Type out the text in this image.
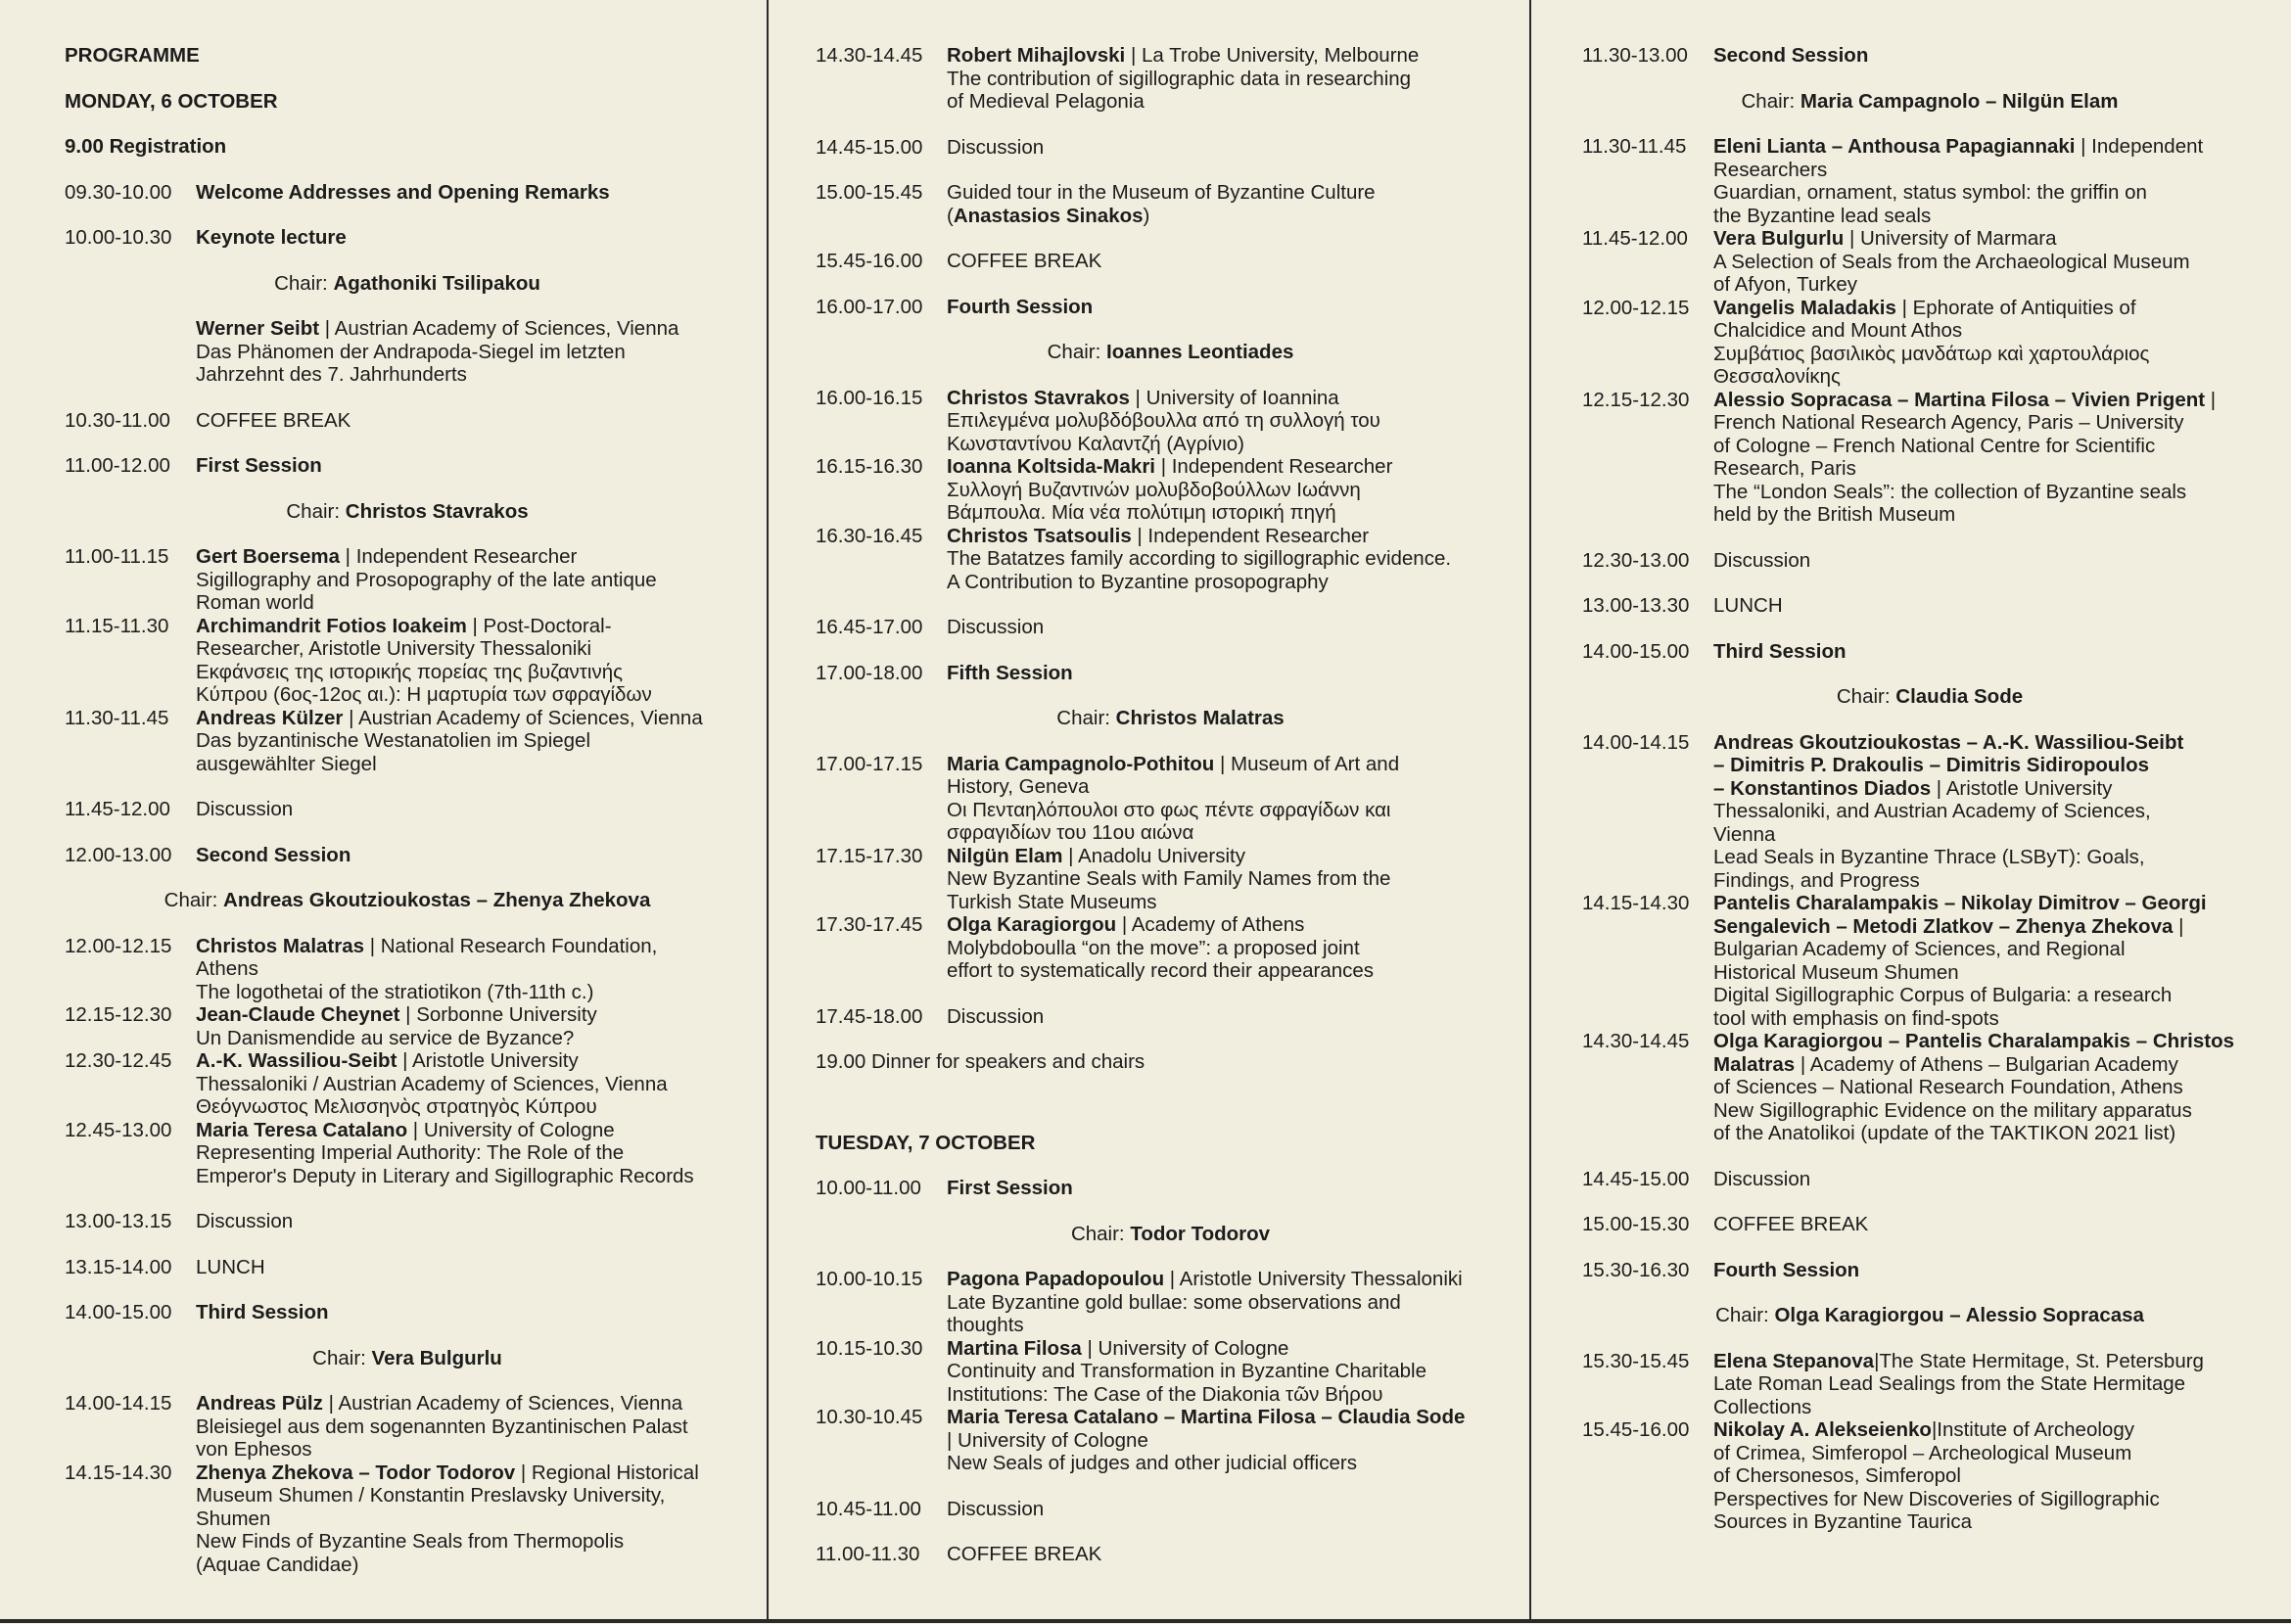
PROGRAMME
MONDAY, 6 OCTOBER
9.00 Registration
09.30-10.00 Welcome Addresses and Opening Remarks
10.00-10.30 Keynote lecture
Chair: Agathoniki Tsilipakou
Werner Seibt | Austrian Academy of Sciences, Vienna
Das Phänomen der Andrapoda-Siegel im letzten
Jahrzehnt des 7. Jahrhunderts
10.30-11.00 COFFEE BREAK
11.00-12.00 First Session
Chair: Christos Stavrakos
11.00-11.15	Gert Boersema | Independent Researcher
Sigillography and Prosopography of the late antique
Roman world
11.15-11.30	Archimandrit Fotios Ioakeim | Post-Doctoral-
Researcher, Aristotle University Thessaloniki
Εκφάνσεις της ιστορικής πορείας της βυζαντινής
Κύπρου (6ος-12ος αι.): Η μαρτυρία των σφραγίδων
11.30-11.45	Andreas Külzer | Austrian Academy of Sciences, Vienna
Das byzantinische Westanatolien im Spiegel
ausgewählter Siegel
11.45-12.00 Discussion
12.00-13.00 Second Session
Chair: Andreas Gkoutzioukostas – Zhenya Zhekova
12.00-12.15	Christos Malatras | National Research Foundation,
Athens
The logothetai of the stratiotikon (7th-11th c.)
12.15-12.30	Jean-Claude Cheynet | Sorbonne University
Un Danismendide au service de Byzance?
12.30-12.45	A.-K. Wassiliou-Seibt | Aristotle University
Thessaloniki / Austrian Academy of Sciences, Vienna
Θεόγνωστος Μελισσηνὸς στρατηγὸς Κύπρου
12.45-13.00	Maria Teresa Catalano | University of Cologne
Representing Imperial Authority: The Role of the
Emperor's Deputy in Literary and Sigillographic Records
13.00-13.15 Discussion
13.15-14.00 LUNCH
14.00-15.00 Third Session
Chair: Vera Bulgurlu
14.00-14.15	Andreas Pülz | Austrian Academy of Sciences, Vienna
Bleisiegel aus dem sogenannten Byzantinischen Palast
von Ephesos
14.15-14.30	Zhenya Zhekova – Todor Todorov | Regional Historical
Museum Shumen / Konstantin Preslavsky University,
Shumen
New Finds of Byzantine Seals from Thermopolis
(Aquae Candidae)
14.30-14.45	Robert Mihajlovski | La Trobe University, Melbourne
The contribution of sigillographic data in researching
of Medieval Pelagonia
14.45-15.00 Discussion
15.00-15.45	Guided tour in the Museum of Byzantine Culture
(Anastasios Sinakos)
15.45-16.00 COFFEE BREAK
16.00-17.00 Fourth Session
Chair: Ioannes Leontiades
16.00-16.15	Christos Stavrakos | University of Ioannina
Επιλεγμένα μολυβδόβουλλα από τη συλλογή του
Κωνσταντίνου Καλαντζή (Αγρίνιο)
16.15-16.30	Ioanna Koltsida-Makri | Independent Researcher
Συλλογή Βυζαντινών μολυβδοβούλλων Ιωάννη
Βάμπουλα. Μία νέα πολύτιμη ιστορική πηγή
16.30-16.45	Christos Tsatsoulis | Independent Researcher
The Batatzes family according to sigillographic evidence.
A Contribution to Byzantine prosopography
16.45-17.00 Discussion
17.00-18.00 Fifth Session
Chair: Christos Malatras
17.00-17.15	Maria Campagnolo-Pothitou | Museum of Art and
History, Geneva
Οι Πενταηλόπουλοι στο φως πέντε σφραγίδων και
σφραγιδίων του 11ου αιώνα
17.15-17.30	Nilgün Elam | Anadolu University
New Byzantine Seals with Family Names from the
Turkish State Museums
17.30-17.45	Olga Karagiorgou | Academy of Athens
Molybdoboulla “on the move”: a proposed joint
effort to systematically record their appearances
17.45-18.00 Discussion
19.00 Dinner for speakers and chairs
TUESDAY, 7 OCTOBER
10.00-11.00 First Session
Chair: Todor Todorov
10.00-10.15	Pagona Papadopoulou | Aristotle University Thessaloniki
Late Byzantine gold bullae: some observations and
thoughts
10.15-10.30	Martina Filosa | University of Cologne
Continuity and Transformation in Byzantine Charitable
Institutions: The Case of the Diakonia τῶν Βήρου
10.30-10.45	Maria Teresa Catalano – Martina Filosa – Claudia Sode
| University of Cologne
New Seals of judges and other judicial officers
10.45-11.00 Discussion
11.00-11.30 COFFEE BREAK
11.30-13.00 Second Session
Chair: Maria Campagnolo – Nilgün Elam
11.30-11.45	Eleni Lianta – Anthousa Papagiannaki | Independent
Researchers
Guardian, ornament, status symbol: the griffin on
the Byzantine lead seals
11.45-12.00	Vera Bulgurlu | University of Marmara
A Selection of Seals from the Archaeological Museum
of Afyon, Turkey
12.00-12.15	Vangelis Maladakis | Ephorate of Antiquities of
Chalcidice and Mount Athos
Συμβάτιος βασιλικὸς μανδάτωρ καὶ χαρτουλάριος
Θεσσαλονίκης
12.15-12.30	Alessio Sopracasa – Martina Filosa – Vivien Prigent |
French National Research Agency, Paris – University
of Cologne – French National Centre for Scientific
Research, Paris
The “London Seals”: the collection of Byzantine seals
held by the British Museum
12.30-13.00 Discussion
13.00-13.30 LUNCH
14.00-15.00 Third Session
Chair: Claudia Sode
14.00-14.15	Andreas Gkoutzioukostas – A.-K. Wassiliou-Seibt
– Dimitris P. Drakoulis – Dimitris Sidiropoulos
– Konstantinos Diados | Aristotle University
Thessaloniki, and Austrian Academy of Sciences,
Vienna
Lead Seals in Byzantine Thrace (LSByT): Goals,
Findings, and Progress
14.15-14.30	Pantelis Charalampakis – Nikolay Dimitrov – Georgi
Sengalevich – Metodi Zlatkov – Zhenya Zhekova |
Bulgarian Academy of Sciences, and Regional
Historical Museum Shumen
Digital Sigillographic Corpus of Bulgaria: a research
tool with emphasis on find-spots
14.30-14.45	Olga Karagiorgou – Pantelis Charalampakis – Christos
Malatras | Academy of Athens – Bulgarian Academy
of Sciences – National Research Foundation, Athens
New Sigillographic Evidence on the military apparatus
of the Anatolikoi (update of the TAKTIKON 2021 list)
14.45-15.00 Discussion
15.00-15.30 COFFEE BREAK
15.30-16.30 Fourth Session
Chair: Olga Karagiorgou – Alessio Sopracasa
15.30-15.45	Elena Stepanova|The State Hermitage, St. Petersburg
Late Roman Lead Sealings from the State Hermitage
Collections
15.45-16.00	Nikolay A. Alekseienko|Institute of Archeology
of Crimea, Simferopol – Archeological Museum
of Chersonesos, Simferopol
Perspectives for New Discoveries of Sigillographic
Sources in Byzantine Taurica
